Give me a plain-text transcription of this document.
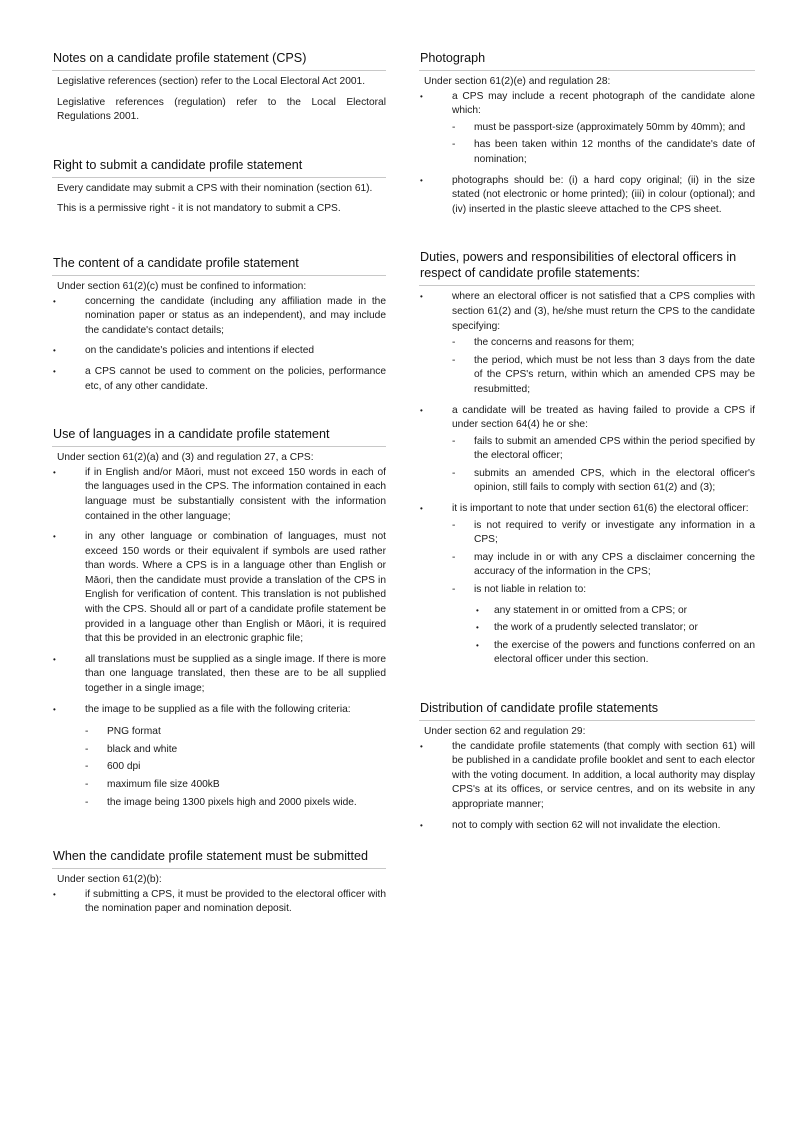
Notes on a candidate profile statement (CPS)

Legislative references (section) refer to the Local Electoral Act 2001.

Legislative references (regulation) refer to the Local Electoral Regulations 2001.

Right to submit a candidate profile statement

Every candidate may submit a CPS with their nomination (section 61).

This is a permissive right - it is not mandatory to submit a CPS.

The content of a candidate profile statement

Under section 61(2)(c) must be confined to information:

• concerning the candidate (including any affiliation made in the nomination paper or status as an independent), and may include the candidate's contact details;
• on the candidate's policies and intentions if elected
• a CPS cannot be used to comment on the policies, performance etc, of any other candidate.
Use of languages in a candidate profile statement

Under section 61(2)(a) and (3) and regulation 27, a CPS:

• if in English and/or Māori, must not exceed 150 words in each of the languages used in the CPS. The information contained in each language must be substantially consistent with the information contained in the other language;
• in any other language or combination of languages, must not exceed 150 words or their equivalent if symbols are used rather than words. Where a CPS is in a language other than English or Māori, then the candidate must provide a translation of the CPS in English for verification of content. This translation is not published with the CPS. Should all or part of a candidate profile statement be provided in a language other than English or Māori, it is required that this be provided in an electronic graphic file;
• all translations must be supplied as a single image. If there is more than one language translated, then these are to be all supplied together in a single image;
• the image to be supplied as a file with the following criteria:
- PNG format
- black and white
- 600 dpi
- maximum file size 400kB
- the image being 1300 pixels high and 2000 pixels wide.
When the candidate profile statement must be submitted

Under section 61(2)(b):

• if submitting a CPS, it must be provided to the electoral officer with the nomination paper and nomination deposit.
Photograph

Under section 61(2)(e) and regulation 28:

• a CPS may include a recent photograph of the candidate alone which:
- must be passport-size (approximately 50mm by 40mm); and
- has been taken within 12 months of the candidate's date of nomination;
• photographs should be: (i) a hard copy original; (ii) in the size stated (not electronic or home printed); (iii) in colour (optional); and (iv) inserted in the plastic sleeve attached to the CPS sheet.
Duties, powers and responsibilities of electoral officers in respect of candidate profile statements:
• where an electoral officer is not satisfied that a CPS complies with section 61(2) and (3), he/she must return the CPS to the candidate specifying:
- the concerns and reasons for them;
- the period, which must be not less than 3 days from the date of the CPS's return, within which an amended CPS may be resubmitted;
• a candidate will be treated as having failed to provide a CPS if under section 64(4) he or she:
- fails to submit an amended CPS within the period specified by the electoral officer;
- submits an amended CPS, which in the electoral officer's opinion, still fails to comply with section 61(2) and (3);
• it is important to note that under section 61(6) the electoral officer:
- is not required to verify or investigate any information in a CPS;
- may include in or with any CPS a disclaimer concerning the accuracy of the information in the CPS;
- is not liable in relation to:
• any statement in or omitted from a CPS; or
• the work of a prudently selected translator; or
• the exercise of the powers and functions conferred on an electoral officer under this section.
Distribution of candidate profile statements

Under section 62 and regulation 29:

• the candidate profile statements (that comply with section 61) will be published in a candidate profile booklet and sent to each elector with the voting document. In addition, a local authority may display CPS's at its offices, or service centres, and on its website in any appropriate manner;
• not to comply with section 62 will not invalidate the election.
